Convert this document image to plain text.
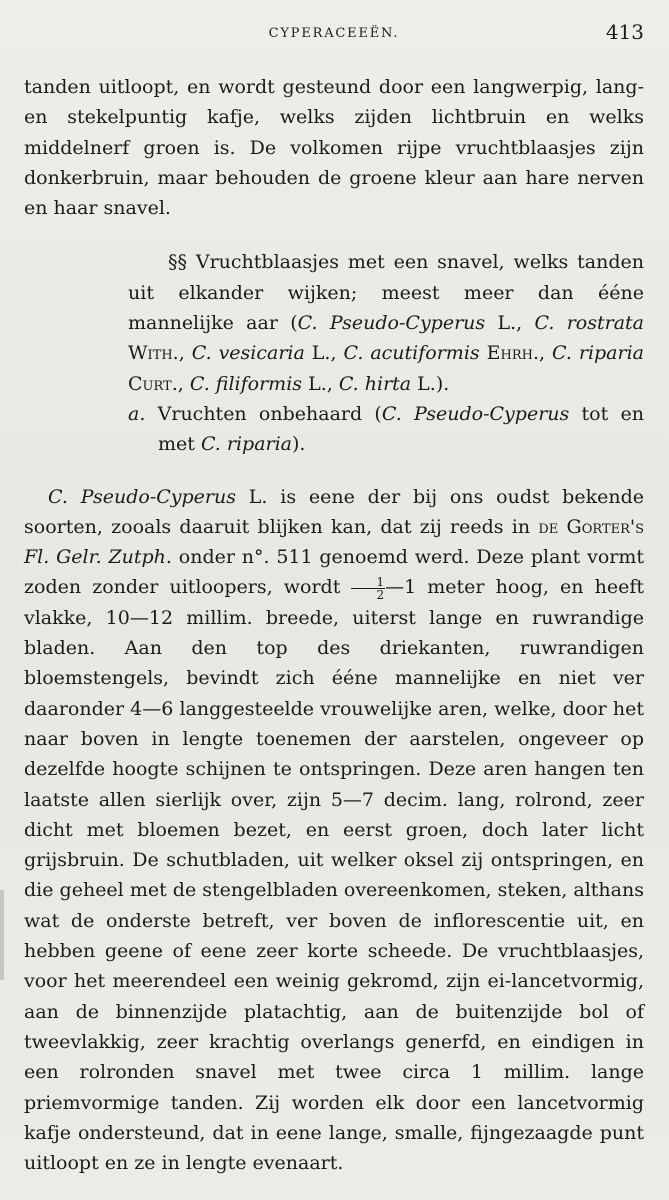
CYPERACEEËN.	413

tanden uitloopt, en wordt gesteund door een langwerpig, lang- en stekelpuntig kafje, welks zijden lichtbruin en welks middelnerf groen is. De volkomen rijpe vruchtblaasjes zijn donkerbruin, maar behouden de groene kleur aan hare nerven en haar snavel.

§§ Vruchtblaasjes met een snavel, welks tanden uit elkander wijken; meest meer dan ééne mannelijke aar (C. Pseudo-Cyperus L., C. rostrata With., C. vesicaria L., C. acutiformis Ehrh., C. riparia Curt., C. filiformis L., C. hirta L.).

a. Vruchten onbehaard (C. Pseudo-Cyperus tot en met C. riparia).

C. Pseudo-Cyperus L. is eene der bij ons oudst bekende soorten, zooals daaruit blijken kan, dat zij reeds in de Gorter's Fl. Gelr. Zutph. onder n°. 511 genoemd werd. Deze plant vormt zoden zonder uitloopers, wordt $\frac{1}{2}$ —1 meter hoog, en heeft vlakke, 10—12 millim. breede, uiterst lange en ruwrandige bladen. Aan den top des driekanten, ruwrandigen bloemstengels, bevindt zich éénе mannelijke en niet ver daaronder 4—6 langgesteelde vrouwelijke aren, welke, door het naar boven in lengte toenemen der aarstelen, ongeveer op dezelfde hoogte schijnen te ontspringen. Deze aren hangen ten laatste allen sierlijk over, zijn 5—7 decim. lang, rolrond, zeer dicht met bloemen bezet, en eerst groen, doch later licht grijsbruin. De schutbladen, uit welker oksel zij ontspringen, en die geheel met de stengelbladen overeenkomen, steken, althans wat de onderste betreft, ver boven de inflorescentie uit, en hebben geene of eene zeer korte scheede. De vruchtblaasjes, voor het meerendeel een weinig gekromd, zijn ei-lancetvormig, aan de binnenzijde platachtig, aan de buitenzijde bol of tweevlakkig, zeer krachtig overlangs generfd, en eindigen in een rolronden snavel met twee circa 1 millim. lange priemvormige tanden. Zij worden elk door een lancetvormig kafje ondersteund, dat in eene lange, smalle, fijngezaagde punt uitloopt en ze in lengte evenaart.
